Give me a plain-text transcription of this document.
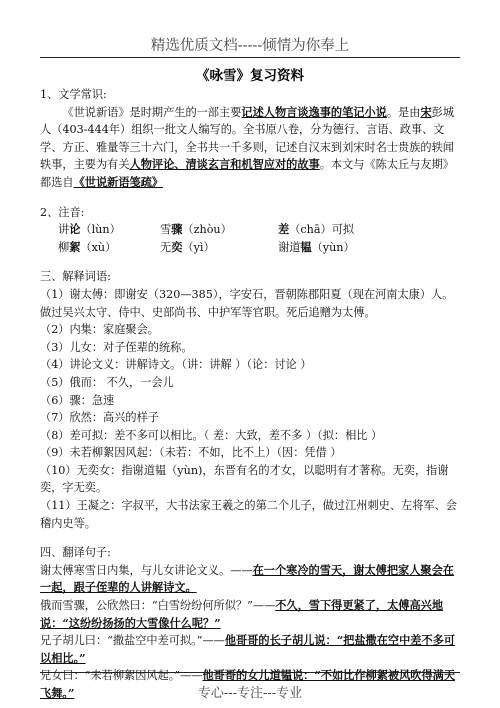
精选优质文档-----倾情为你奉上
《咏雪》复习资料

1、文学常识:

《世说新语》是时期产生的一部主要记述人物言谈逸事的笔记小说。是由宋彭城人（403-444年）组织一批文人编写的。全书原八卷，分为德行、言语、政事、文学、方正、雅量等三十六门，全书共一千多则，记述自汉末到刘宋时名士贵族的轶闻轶事，主要为有关人物评论、清谈玄言和机智应对的故事。本文与《陈太丘与友期》都选自《世说新语笺疏》

2、注音:

讲论（lùn）	雪骤（zhòu）	差（chā）可拟

柳絮（xù）	无奕（yì）	谢道韫（yùn）

三、解释词语:

（1）谢太傅：即谢安（320—385），字安石，晋朝陈郡阳夏（现在河南太康）人。做过吴兴太守、侍中、史部尚书、中护军等官职。死后追赠为太傅。

（2）内集：家庭聚会。

（3）儿女：对子侄辈的统称。

（4）讲论文义：讲解诗文。（讲：讲解 ）（论：讨论 ）

（5）俄而： 不久，一会儿

（6）骤：急速

（7）欣然：高兴的样子

（8）差可拟：差不多可以相比。（ 差：大致，差不多 ）（拟：相比 ）

（9）未若柳絮因风起：（未若：不如，比不上）（因：凭借 ）

（10）无奕女：指谢道韫（yùn)，东晋有名的才女，以聪明有才著称。无奕，指谢奕，字无奕。

（11）王凝之：字叔平，大书法家王羲之的第二个儿子，做过江州刺史、左将军、会稽内史等。

四、翻译句子:

谢太傅寒雪日内集，与儿女讲论文义。——在一个寒冷的雪天，谢太傅把家人聚会在一起，跟子侄辈的人讲解诗文。

俄而雪骤，公欣然曰：“白雪纷纷何所似？”——不久，雪下得更紧了，太傅高兴地说：“这纷纷扬扬的大雪像什么呢？”

兄子胡儿曰：“撒盐空中差可拟。”——他哥哥的长子胡儿说：“把盐撒在空中差不多可以相比。”

兄女曰：“未若柳絮因风起。”——他哥哥的女儿道韫说：“不如比作柳絮被风吹得满天飞舞。”	专心---专注---专业
